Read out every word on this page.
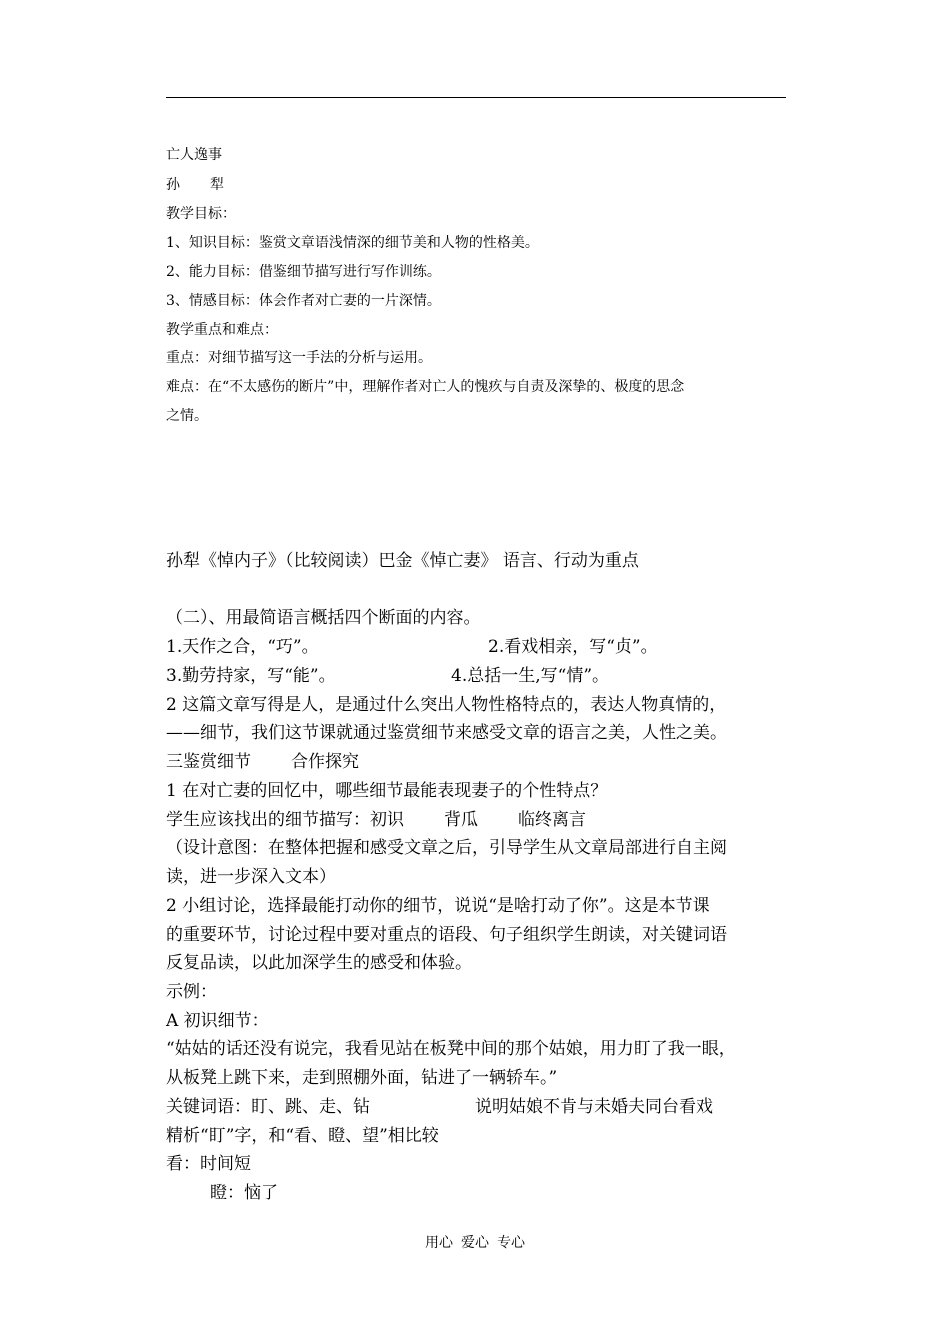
亡人逸事
孙 犁
教学目标：
1、知识目标：鉴赏文章语浅情深的细节美和人物的性格美。
2、能力目标：借鉴细节描写进行写作训练。
3、情感目标：体会作者对亡妻的一片深情。
教学重点和难点：
重点：对细节描写这一手法的分析与运用。
难点：在“不太感伤的断片”中，理解作者对亡人的愧疚与自责及深挚的、极度的思念
之情。
孙犁《悼内子》（比较阅读）巴金《悼亡妻》 语言、行动为重点
（二）、用最简语言概括四个断面的内容。
1.天作之合，“巧”。	2.看戏相亲，写“贞”。
3.勤劳持家，写“能”。	4.总括一生,写“情”。
2 这篇文章写得是人，是通过什么突出人物性格特点的，表达人物真情的，
——细节，我们这节课就通过鉴赏细节来感受文章的语言之美，人性之美。
三鉴赏细节 合作探究
1 在对亡妻的回忆中，哪些细节最能表现妻子的个性特点？
学生应该找出的细节描写：初识 背瓜 临终离言
（设计意图：在整体把握和感受文章之后，引导学生从文章局部进行自主阅
读，进一步深入文本）
2 小组讨论，选择最能打动你的细节，说说“是啥打动了你”。这是本节课
的重要环节，讨论过程中要对重点的语段、句子组织学生朗读，对关键词语
反复品读，以此加深学生的感受和体验。
示例：
A 初识细节：
“姑姑的话还没有说完，我看见站在板凳中间的那个姑娘，用力盯了我一眼，
从板凳上跳下来，走到照棚外面，钻进了一辆轿车。”
关键词语：盯、跳、走、钻	说明姑娘不肯与未婚夫同台看戏
精析“盯”字，和“看、瞪、望”相比较
看：时间短
瞪：恼了
用心 爱心 专心
